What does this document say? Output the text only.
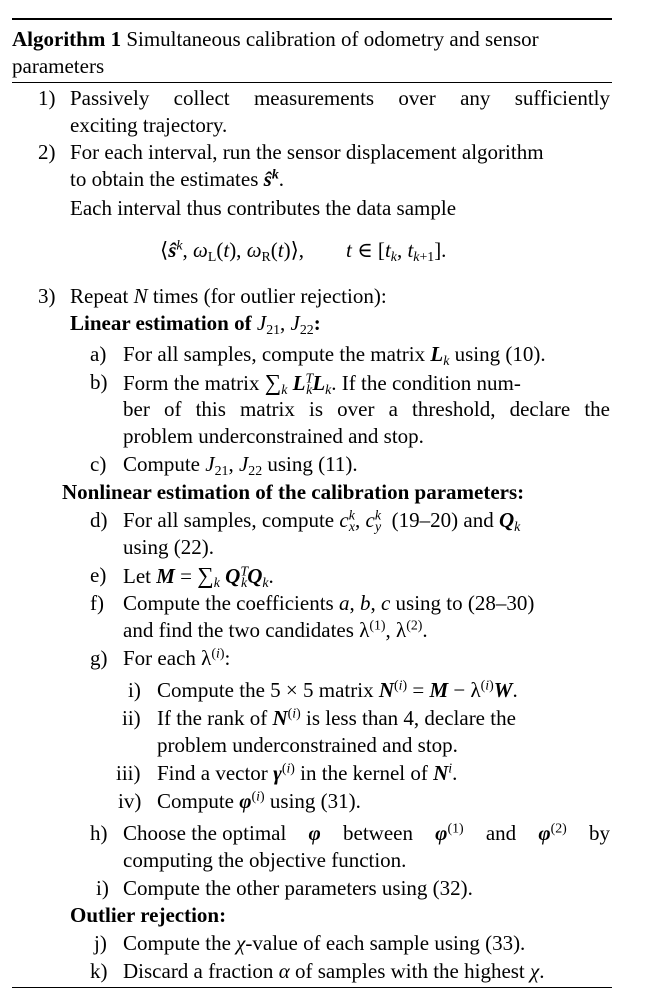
Algorithm 1 Simultaneous calibration of odometry and sensor
parameters
1) Passively collect measurements over any sufficiently
exciting trajectory.
2) For each interval, run the sensor displacement algorithm
to obtain the estimates $ŝ^k$.
Each interval thus contributes the data sample
$⟨ŝ^k$, $\omega_L(t)$, $\omega_R(t)⟩$,        t ∈ [$t_k$, $t_{k+1}$].
3) Repeat N times (for outlier rejection):
Linear estimation of $J_{21}$, $J_{22}$:
a) For all samples, compute the matrix $L_k$ using (10).
b) Form the matrix $\sum_k$ $L^T_kL_k$. If the condition num-
ber of this matrix is over a threshold, declare the
problem underconstrained and stop.
c) Compute $J_{21}$, $J_{22}$ using (11).
Nonlinear estimation of the calibration parameters:
d) For all samples, compute $c^k_x$, $c^k_y$ (19–20) and $Q_k$
using (22).
e) Let $M = \sum_k$ $Q^T_kQ_k$.
f) Compute the coefficients a, b, c using to (28–30)
and find the two candidates $\lambda^{(1)}$, $\lambda^{(2)}$.
g) For each $\lambda^{(i)}$:
i) Compute the 5 × 5 matrix $N^{(i)} = M - \lambda^{(i)}W$.
ii) If the rank of $N^{(i)}$ is less than 4, declare the
problem underconstrained and stop.
iii) Find a vector $\gamma^{(i)}$ in the kernel of $N^i$.
iv) Compute $\varphi^{(i)}$ using (31).
h) Choose the optimal φ between $\varphi^{(1)}$ and $\varphi^{(2)}$ by
computing the objective function.
i) Compute the other parameters using (32).
Outlier rejection:
j) Compute the χ-value of each sample using (33).
k) Discard a fraction α of samples with the highest χ.
